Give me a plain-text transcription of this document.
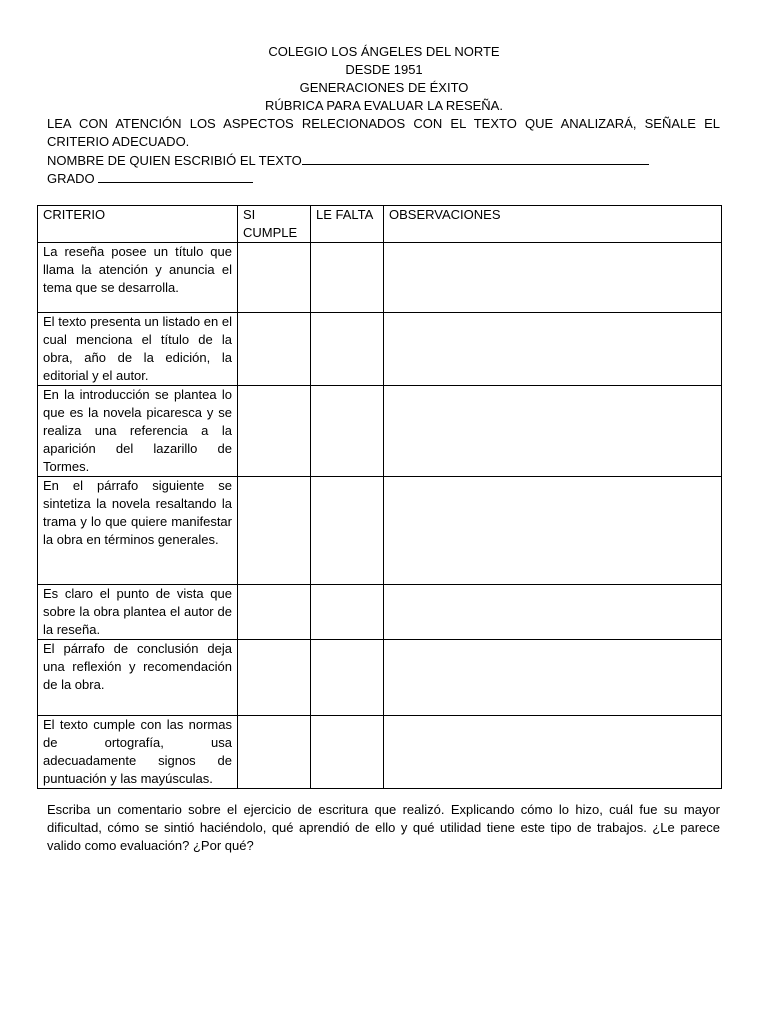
COLEGIO LOS ÁNGELES DEL NORTE
DESDE 1951
GENERACIONES DE ÉXITO
RÚBRICA PARA EVALUAR LA RESEÑA.
LEA CON ATENCIÓN LOS ASPECTOS RELECIONADOS CON EL TEXTO QUE ANALIZARÁ, SEÑALE EL CRITERIO ADECUADO.
NOMBRE DE QUIEN ESCRIBIÓ EL TEXTO
GRADO
CRITERIO	SI CUMPLE	LE FALTA	OBSERVACIONES
La reseña posee un título que llama la atención y anuncia el tema que se desarrolla.			
El texto presenta un listado en el cual menciona el título de la obra, año de la edición, la editorial y el autor.			
En la introducción se plantea lo que es la novela picaresca y se realiza una referencia a la aparición del lazarillo de Tormes.			
En el párrafo siguiente se sintetiza la novela resaltando la trama y lo que quiere manifestar la obra en términos generales.			
Es claro el punto de vista que sobre la obra plantea el autor de la reseña.			
El párrafo de conclusión deja una reflexión y recomendación de la obra.			
El texto cumple con las normas de ortografía, usa adecuadamente signos de puntuación y las mayúsculas.			
Escriba un comentario sobre el ejercicio de escritura que realizó. Explicando cómo lo hizo, cuál fue su mayor dificultad, cómo se sintió haciéndolo, qué aprendió de ello y qué utilidad tiene este tipo de trabajos. ¿Le parece valido como evaluación? ¿Por qué?
